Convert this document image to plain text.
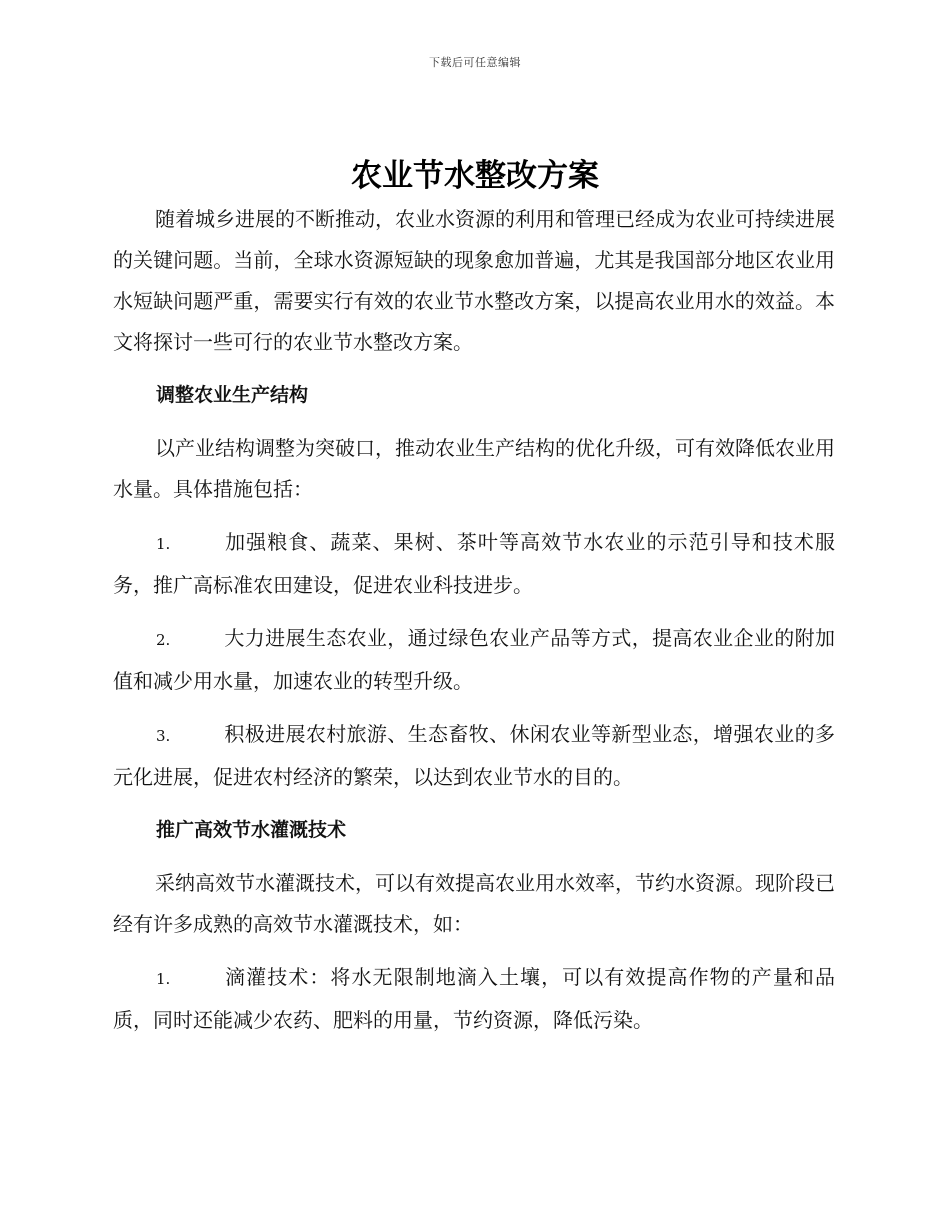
下载后可任意编辑
农业节水整改方案

随着城乡进展的不断推动，农业水资源的利用和管理已经成为农业可持续进展的关键问题。当前，全球水资源短缺的现象愈加普遍，尤其是我国部分地区农业用水短缺问题严重，需要实行有效的农业节水整改方案，以提高农业用水的效益。本文将探讨一些可行的农业节水整改方案。

调整农业生产结构

以产业结构调整为突破口，推动农业生产结构的优化升级，可有效降低农业用水量。具体措施包括：

1.	加强粮食、蔬菜、果树、茶叶等高效节水农业的示范引导和技术服务，推广高标准农田建设，促进农业科技进步。

2.	大力进展生态农业，通过绿色农业产品等方式，提高农业企业的附加值和减少用水量，加速农业的转型升级。

3.	积极进展农村旅游、生态畜牧、休闲农业等新型业态，增强农业的多元化进展，促进农村经济的繁荣，以达到农业节水的目的。

推广高效节水灌溉技术

采纳高效节水灌溉技术，可以有效提高农业用水效率，节约水资源。现阶段已经有许多成熟的高效节水灌溉技术，如：

1.	滴灌技术：将水无限制地滴入土壤，可以有效提高作物的产量和品质，同时还能减少农药、肥料的用量，节约资源，降低污染。
